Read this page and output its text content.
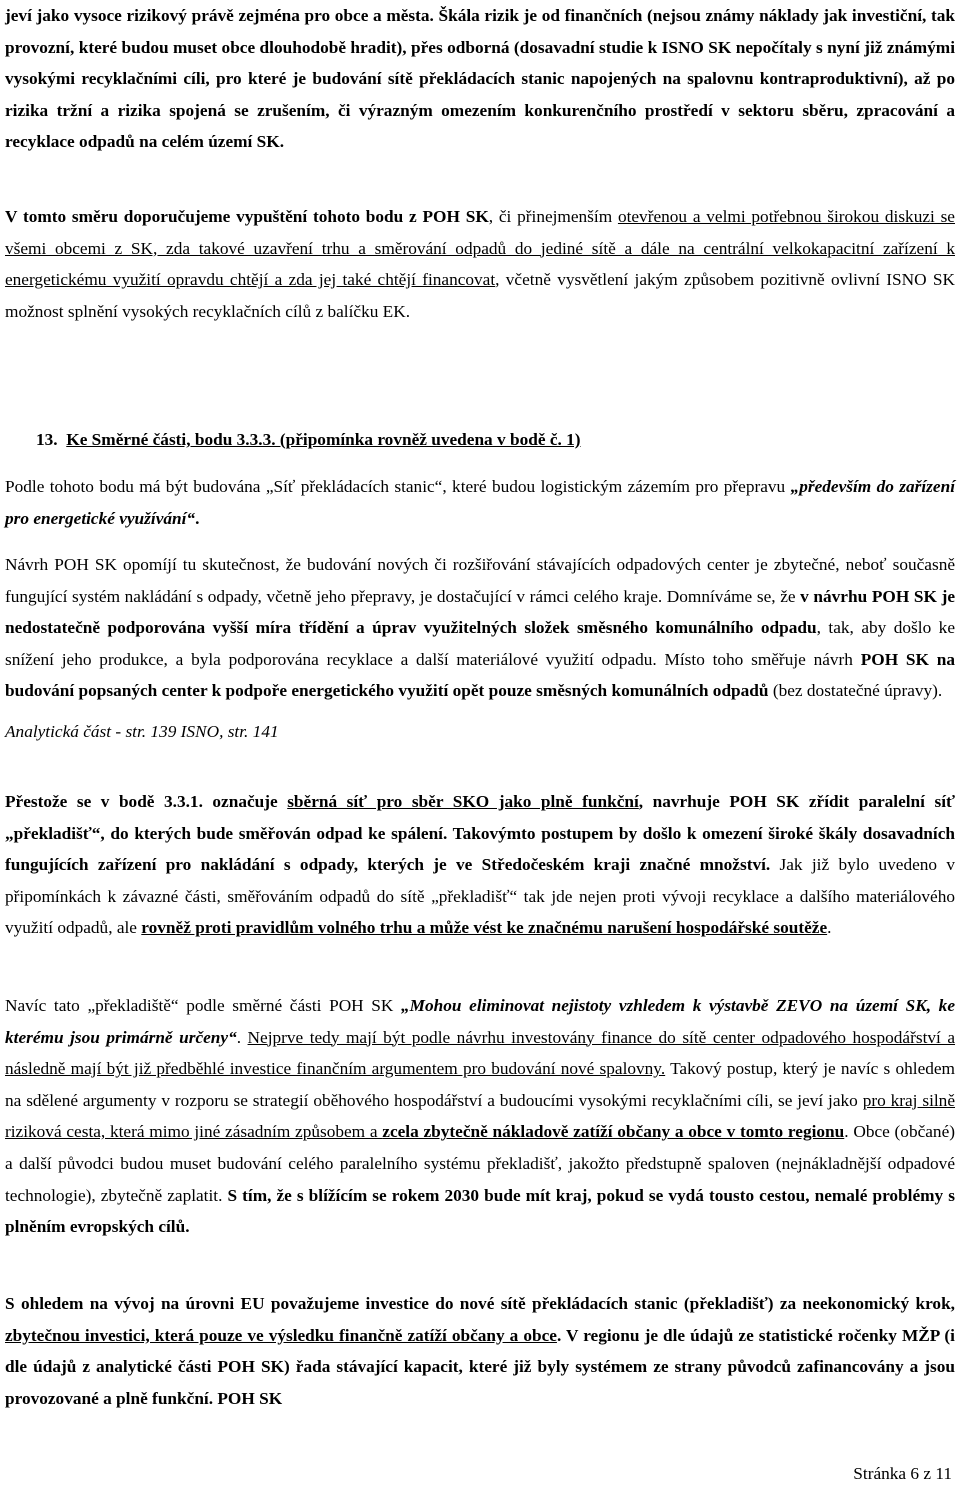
jeví jako vysoce rizikový právě zejména pro obce a města. Škála rizik je od finančních (nejsou známy náklady jak investiční, tak provozní, které budou muset obce dlouhodobě hradit), přes odborná (dosavadní studie k ISNO SK nepočítaly s nyní již známými vysokými recyklačními cíli, pro které je budování sítě překládacích stanic napojených na spalovnu kontraproduktivní), až po rizika tržní a rizika spojená se zrušením, či výrazným omezením konkurenčního prostředí v sektoru sběru, zpracování a recyklace odpadů na celém území SK.

V tomto směru doporučujeme vypuštění tohoto bodu z POH SK, či přinejmenším otevřenou a velmi potřebnou širokou diskuzi se všemi obcemi z SK, zda takové uzavření trhu a směrování odpadů do jediné sítě a dále na centrální velkokapacitní zařízení k energetickému využití opravdu chtějí a zda jej také chtějí financovat, včetně vysvětlení jakým způsobem pozitivně ovlivní ISNO SK možnost splnění vysokých recyklačních cílů z balíčku EK.

Analytická část - str. 139 ISNO, str. 141

13. Ke Směrné části, bodu 3.3.3. (připomínka rovněž uvedena v bodě č. 1)

Podle tohoto bodu má být budována „Síť překládacích stanic“, které budou logistickým zázemím pro přepravu „především do zařízení pro energetické využívání“.

Návrh POH SK opomíjí tu skutečnost, že budování nových či rozšiřování stávajících odpadových center je zbytečné, neboť současně fungující systém nakládání s odpady, včetně jeho přepravy, je dostačující v rámci celého kraje. Domníváme se, že v návrhu POH SK je nedostatečně podporována vyšší míra třídění a úprav využitelných složek směsného komunálního odpadu, tak, aby došlo ke snížení jeho produkce, a byla podporována recyklace a další materiálové využití odpadu. Místo toho směřuje návrh POH SK na budování popsaných center k podpoře energetického využití opět pouze směsných komunálních odpadů (bez dostatečné úpravy).

Přestože se v bodě 3.3.1. označuje sběrná síť pro sběr SKO jako plně funkční, navrhuje POH SK zřídit paralelní síť „překladišť“, do kterých bude směřován odpad ke spálení. Takovýmto postupem by došlo k omezení široké škály dosavadních fungujících zařízení pro nakládání s odpady, kterých je ve Středočeském kraji značné množství. Jak již bylo uvedeno v připomínkách k závazné části, směřováním odpadů do sítě „překladišť“ tak jde nejen proti vývoji recyklace a dalšího materiálového využití odpadů, ale rovněž proti pravidlům volného trhu a může vést ke značnému narušení hospodářské soutěže.

Navíc tato „překladiště“ podle směrné části POH SK „Mohou eliminovat nejistoty vzhledem k výstavbě ZEVO na území SK, ke kterému jsou primárně určeny“. Nejprve tedy mají být podle návrhu investovány finance do sítě center odpadového hospodářství a následně mají být již předběhlé investice finančním argumentem pro budování nové spalovny. Takový postup, který je navíc s ohledem na sdělené argumenty v rozporu se strategií oběhového hospodářství a budoucími vysokými recyklačními cíli, se jeví jako pro kraj silně riziková cesta, která mimo jiné zásadním způsobem a zcela zbytečně nákladově zatíží občany a obce v tomto regionu. Obce (občané) a další původci budou muset budování celého paralelního systému překladišť, jakožto předstupně spaloven (nejnákladnější odpadové technologie), zbytečně zaplatit. S tím, že s blížícím se rokem 2030 bude mít kraj, pokud se vydá tousto cestou, nemalé problémy s plněním evropských cílů.

S ohledem na vývoj na úrovni EU považujeme investice do nové sítě překládacích stanic (překladišť) za neekonomický krok, zbytečnou investici, která pouze ve výsledku finančně zatíží občany a obce. V regionu je dle údajů ze statistické ročenky MŽP (i dle údajů z analytické části POH SK) řada stávající kapacit, které již byly systémem ze strany původců zafinancovány a jsou provozované a plně funkční. POH SK

Stránka 6 z 11
